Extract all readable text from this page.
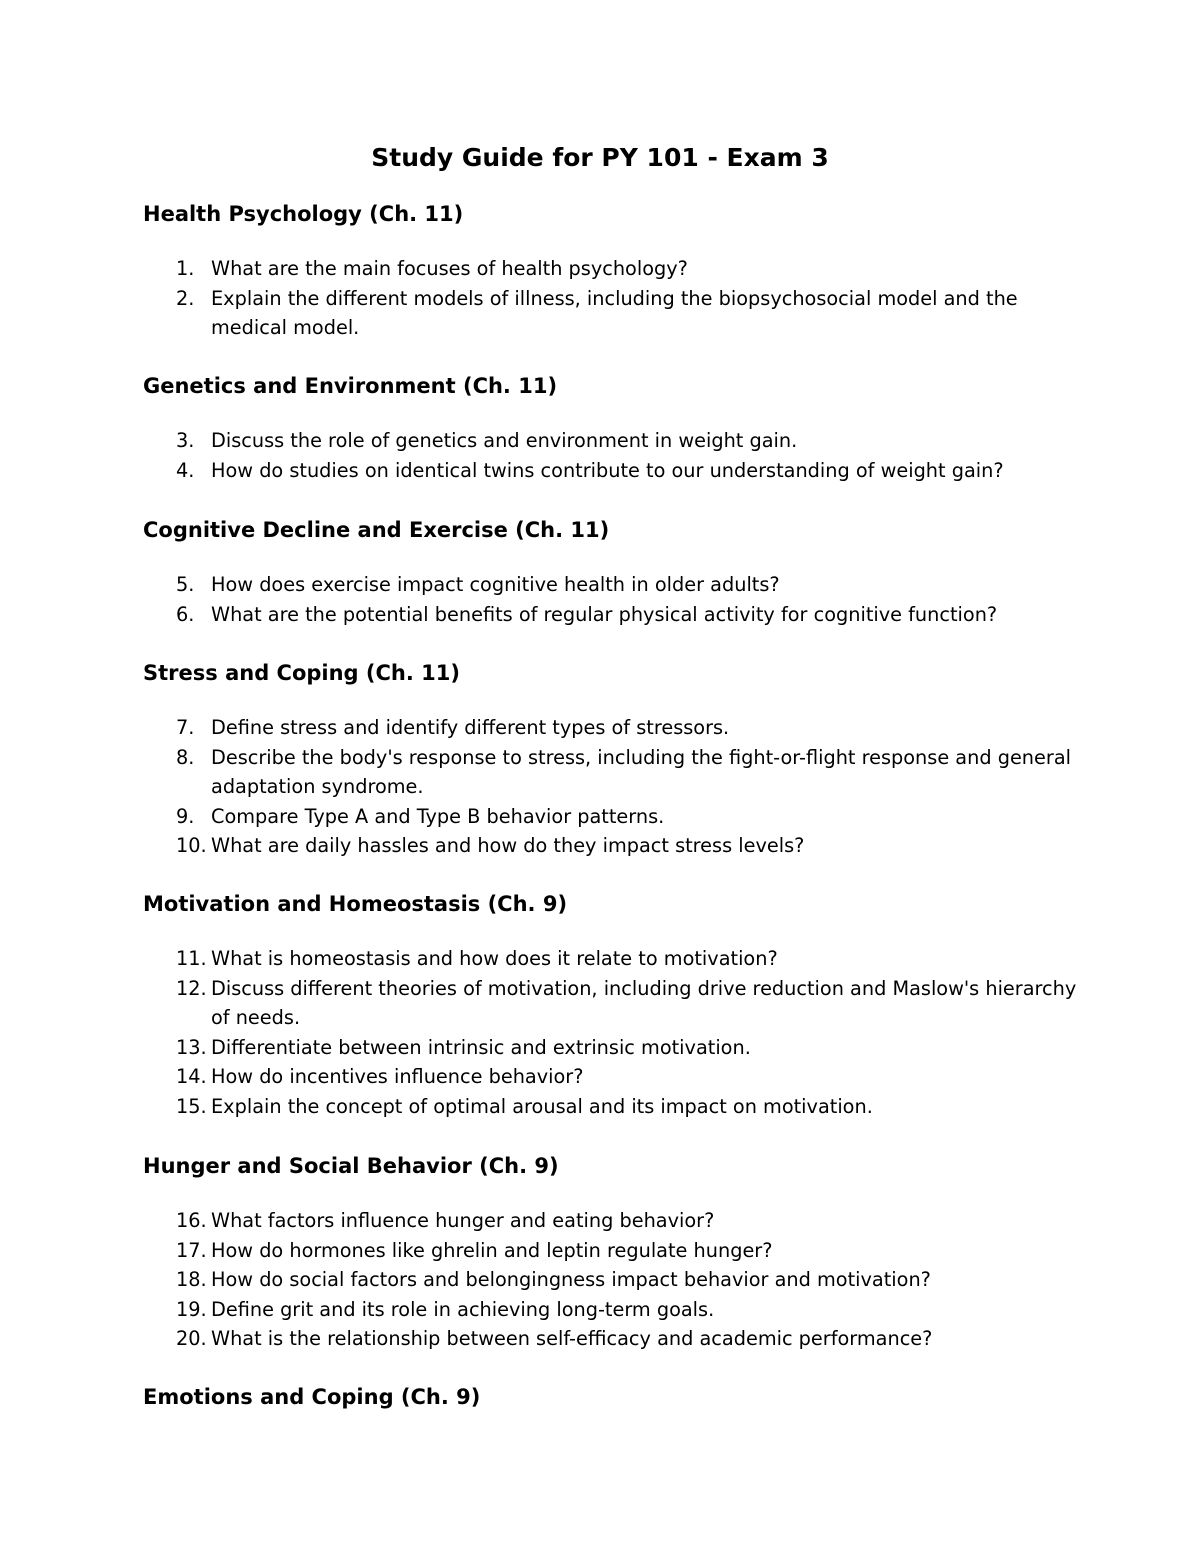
Study Guide for PY 101 - Exam 3
Health Psychology (Ch. 11)
1. What are the main focuses of health psychology?
2. Explain the different models of illness, including the biopsychosocial model and the medical model.
Genetics and Environment (Ch. 11)
3. Discuss the role of genetics and environment in weight gain.
4. How do studies on identical twins contribute to our understanding of weight gain?
Cognitive Decline and Exercise (Ch. 11)
5. How does exercise impact cognitive health in older adults?
6. What are the potential benefits of regular physical activity for cognitive function?
Stress and Coping (Ch. 11)
7. Define stress and identify different types of stressors.
8. Describe the body's response to stress, including the fight-or-flight response and general adaptation syndrome.
9. Compare Type A and Type B behavior patterns.
10. What are daily hassles and how do they impact stress levels?
Motivation and Homeostasis (Ch. 9)
11. What is homeostasis and how does it relate to motivation?
12. Discuss different theories of motivation, including drive reduction and Maslow's hierarchy of needs.
13. Differentiate between intrinsic and extrinsic motivation.
14. How do incentives influence behavior?
15. Explain the concept of optimal arousal and its impact on motivation.
Hunger and Social Behavior (Ch. 9)
16. What factors influence hunger and eating behavior?
17. How do hormones like ghrelin and leptin regulate hunger?
18. How do social factors and belongingness impact behavior and motivation?
19. Define grit and its role in achieving long-term goals.
20. What is the relationship between self-efficacy and academic performance?
Emotions and Coping (Ch. 9)
